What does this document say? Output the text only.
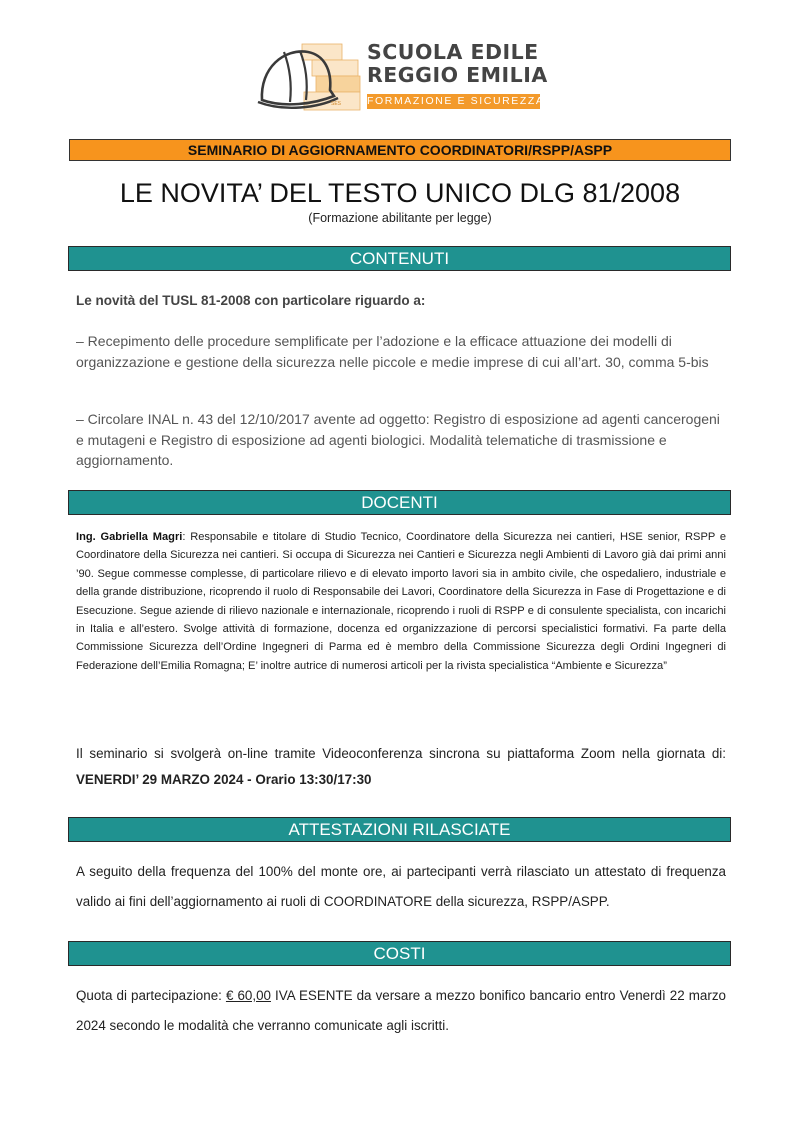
SES
SCUOLA EDILE
REGGIO EMILIA
FORMAZIONE E SICUREZZA
SEMINARIO DI AGGIORNAMENTO COORDINATORI/RSPP/ASPP
LE NOVITA’ DEL TESTO UNICO DLG 81/2008
(Formazione abilitante per legge)
CONTENUTI

Le novità del TUSL 81-2008 con particolare riguardo a:

– Recepimento delle procedure semplificate per l’adozione e la efficace attuazione dei modelli di organizzazione e gestione della sicurezza nelle piccole e medie imprese di cui all’art. 30, comma 5-bis

– Circolare INAL n. 43 del 12/10/2017 avente ad oggetto: Registro di esposizione ad agenti cancerogeni e mutageni e Registro di esposizione ad agenti biologici. Modalità telematiche di trasmissione e aggiornamento.

DOCENTI

Ing. Gabriella Magri: Responsabile e titolare di Studio Tecnico, Coordinatore della Sicurezza nei cantieri, HSE senior, RSPP e Coordinatore della Sicurezza nei cantieri. Si occupa di Sicurezza nei Cantieri e Sicurezza negli Ambienti di Lavoro già dai primi anni ’90. Segue commesse complesse, di particolare rilievo e di elevato importo lavori sia in ambito civile, che ospedaliero, industriale e della grande distribuzione, ricoprendo il ruolo di Responsabile dei Lavori, Coordinatore della Sicurezza in Fase di Progettazione e di Esecuzione. Segue aziende di rilievo nazionale e internazionale, ricoprendo i ruoli di RSPP e di consulente specialista, con incarichi in Italia e all’estero. Svolge attività di formazione, docenza ed organizzazione di percorsi specialistici formativi. Fa parte della Commissione Sicurezza dell’Ordine Ingegneri di Parma ed è membro della Commissione Sicurezza degli Ordini Ingegneri di Federazione dell’Emilia Romagna; E’ inoltre autrice di numerosi articoli per la rivista specialistica “Ambiente e Sicurezza”

Il seminario si svolgerà on-line tramite Videoconferenza sincrona su piattaforma Zoom nella giornata di: VENERDI’ 29 MARZO 2024 - Orario 13:30/17:30

ATTESTAZIONI RILASCIATE

A seguito della frequenza del 100% del monte ore, ai partecipanti verrà rilasciato un attestato di frequenza valido ai fini dell’aggiornamento ai ruoli di COORDINATORE della sicurezza, RSPP/ASPP.

COSTI

Quota di partecipazione: € 60,00 IVA ESENTE da versare a mezzo bonifico bancario entro Venerdì 22 marzo 2024 secondo le modalità che verranno comunicate agli iscritti.
